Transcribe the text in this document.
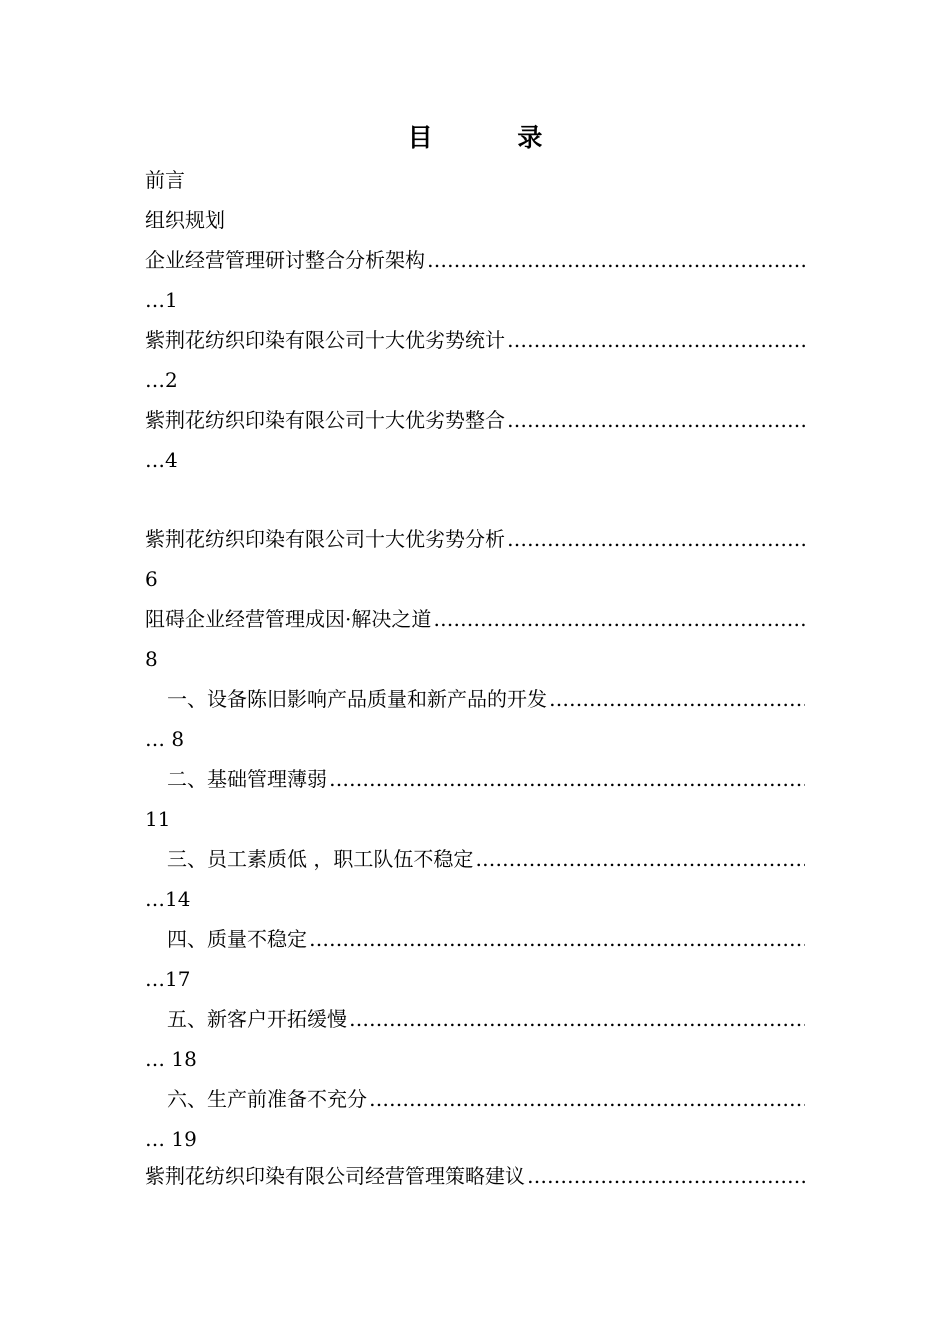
目 录
前言
组织规划
企业经营管理研讨整合分析架构
…………………………………………………………………………………………………………………………………………
…1
紫荆花纺织印染有限公司十大优劣势统计
…………………………………………………………………………………………………………………………………………
…2
紫荆花纺织印染有限公司十大优劣势整合
…………………………………………………………………………………………………………………………………………
…4
紫荆花纺织印染有限公司十大优劣势分析
…………………………………………………………………………………………………………………………………………
6
阻碍企业经营管理成因·解决之道
…………………………………………………………………………………………………………………………………………
8
一、设备陈旧影响产品质量和新产品的开发
…………………………………………………………………………………………………………………………………………
… 8
二、基础管理薄弱
…………………………………………………………………………………………………………………………………………
11
三、员工素质低 ，职工队伍不稳定
…………………………………………………………………………………………………………………………………………
…14
四、质量不稳定
…………………………………………………………………………………………………………………………………………
…17
五、新客户开拓缓慢
…………………………………………………………………………………………………………………………………………
… 18
六、生产前准备不充分
…………………………………………………………………………………………………………………………………………
… 19
紫荆花纺织印染有限公司经营管理策略建议
…………………………………………………………………………………………………………………………………………
